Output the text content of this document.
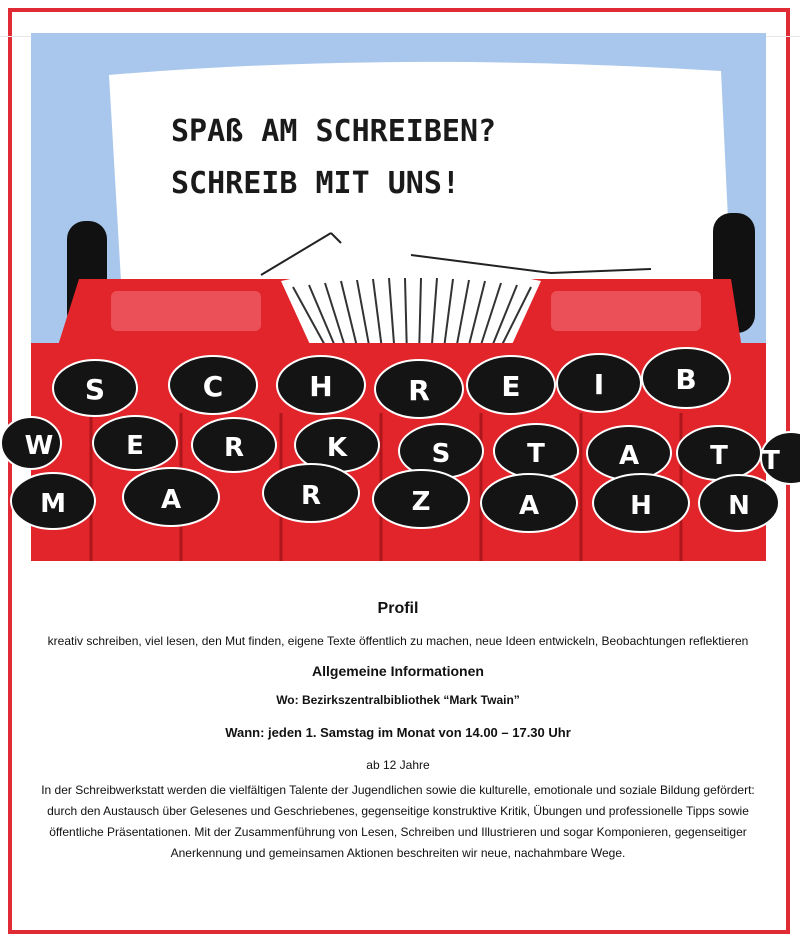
SPAß AM SCHREIBEN?
SCHREIB MIT UNS!
S	C	H	R	E	I	B
W	E	R	K	S	T	A	T T
M	A	R	Z	A	H	N
Profil
kreativ schreiben, viel lesen, den Mut finden, eigene Texte öffentlich zu machen, neue Ideen entwickeln, Beobachtungen reflektieren
Allgemeine Informationen
Wo: Bezirkszentralbibliothek “Mark Twain”
Wann: jeden 1. Samstag im Monat von 14.00 – 17.30 Uhr
ab 12 Jahre
In der Schreibwerkstatt werden die vielfältigen Talente der Jugendlichen sowie die kulturelle, emotionale und soziale Bildung gefördert: durch den Austausch über Gelesenes und Geschriebenes, gegenseitige konstruktive Kritik, Übungen und professionelle Tipps sowie öffentliche Präsentationen. Mit der Zusammenführung von Lesen, Schreiben und Illustrieren und sogar Komponieren, gegenseitiger Anerkennung und gemeinsamen Aktionen beschreiten wir neue, nachahmbare Wege.
